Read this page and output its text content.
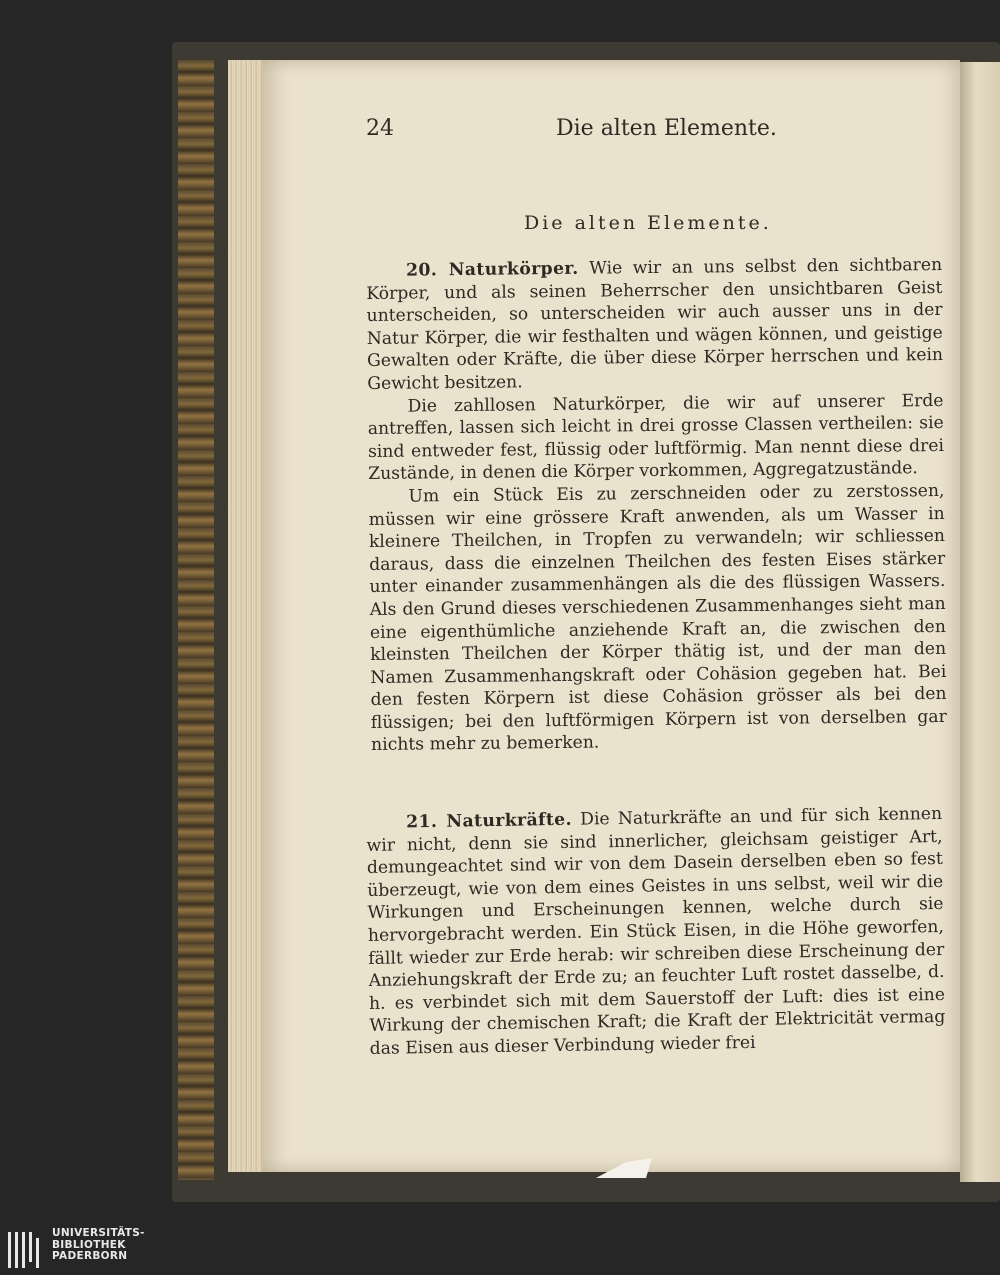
24	Die alten Elemente.
Die alten Elemente.

20. Naturkörper. Wie wir an uns selbst den sichtbaren Körper, und als seinen Beherrscher den unsichtbaren Geist unterscheiden, so unterscheiden wir auch ausser uns in der Natur Körper, die wir festhalten und wägen können, und geistige Gewalten oder Kräfte, die über diese Körper herrschen und kein Gewicht besitzen.

Die zahllosen Naturkörper, die wir auf unserer Erde antreffen, lassen sich leicht in drei grosse Classen vertheilen: sie sind entweder fest, flüssig oder luftförmig. Man nennt diese drei Zustände, in denen die Körper vorkommen, Aggregatzustände.

Um ein Stück Eis zu zerschneiden oder zu zerstossen, müssen wir eine grössere Kraft anwenden, als um Wasser in kleinere Theilchen, in Tropfen zu verwandeln; wir schliessen daraus, dass die einzelnen Theilchen des festen Eises stärker unter einander zusammenhängen als die des flüssigen Wassers. Als den Grund dieses verschiedenen Zusammenhanges sieht man eine eigenthümliche anziehende Kraft an, die zwischen den kleinsten Theilchen der Körper thätig ist, und der man den Namen Zusammenhangskraft oder Cohäsion gegeben hat. Bei den festen Körpern ist diese Cohäsion grösser als bei den flüssigen; bei den luftförmigen Körpern ist von derselben gar nichts mehr zu bemerken.

21. Naturkräfte. Die Naturkräfte an und für sich kennen wir nicht, denn sie sind innerlicher, gleichsam geistiger Art, demungeachtet sind wir von dem Dasein derselben eben so fest überzeugt, wie von dem eines Geistes in uns selbst, weil wir die Wirkungen und Erscheinungen kennen, welche durch sie hervorgebracht werden. Ein Stück Eisen, in die Höhe geworfen, fällt wieder zur Erde herab: wir schreiben diese Erscheinung der Anziehungskraft der Erde zu; an feuchter Luft rostet dasselbe, d. h. es verbindet sich mit dem Sauerstoff der Luft: dies ist eine Wirkung der chemischen Kraft; die Kraft der Elektricität vermag das Eisen aus dieser Verbindung wieder frei

UNIVERSITÄTS-
BIBLIOTHEK
PADERBORN
